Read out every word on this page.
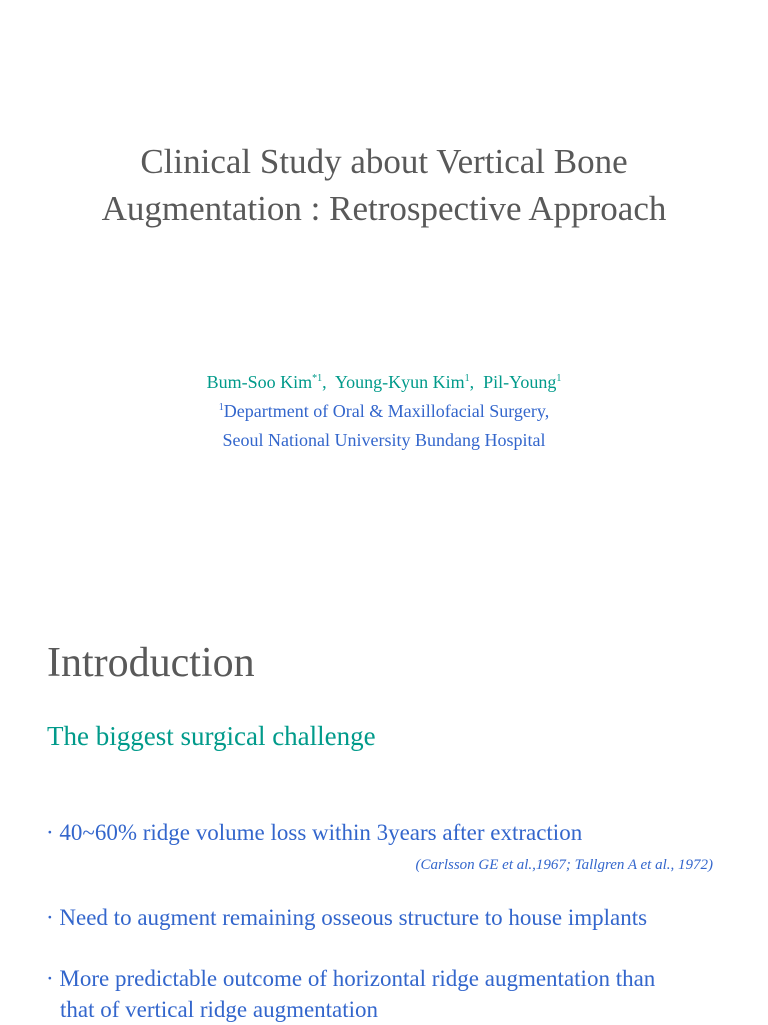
Clinical Study about Vertical Bone
Augmentation : Retrospective Approach
Bum-Soo Kim$^{*1}$,  Young-Kyun Kim$^1$,  Pil-Young$^1$
$^1$Department of Oral & Maxillofacial Surgery,
Seoul National University Bundang Hospital
Introduction
The biggest surgical challenge
· 40~60% ridge volume loss within 3years after extraction
(Carlsson GE et al.,1967; Tallgren A et al., 1972)
· Need to augment remaining osseous structure to house implants
· More predictable outcome of horizontal ridge augmentation than
that of vertical ridge augmentation
